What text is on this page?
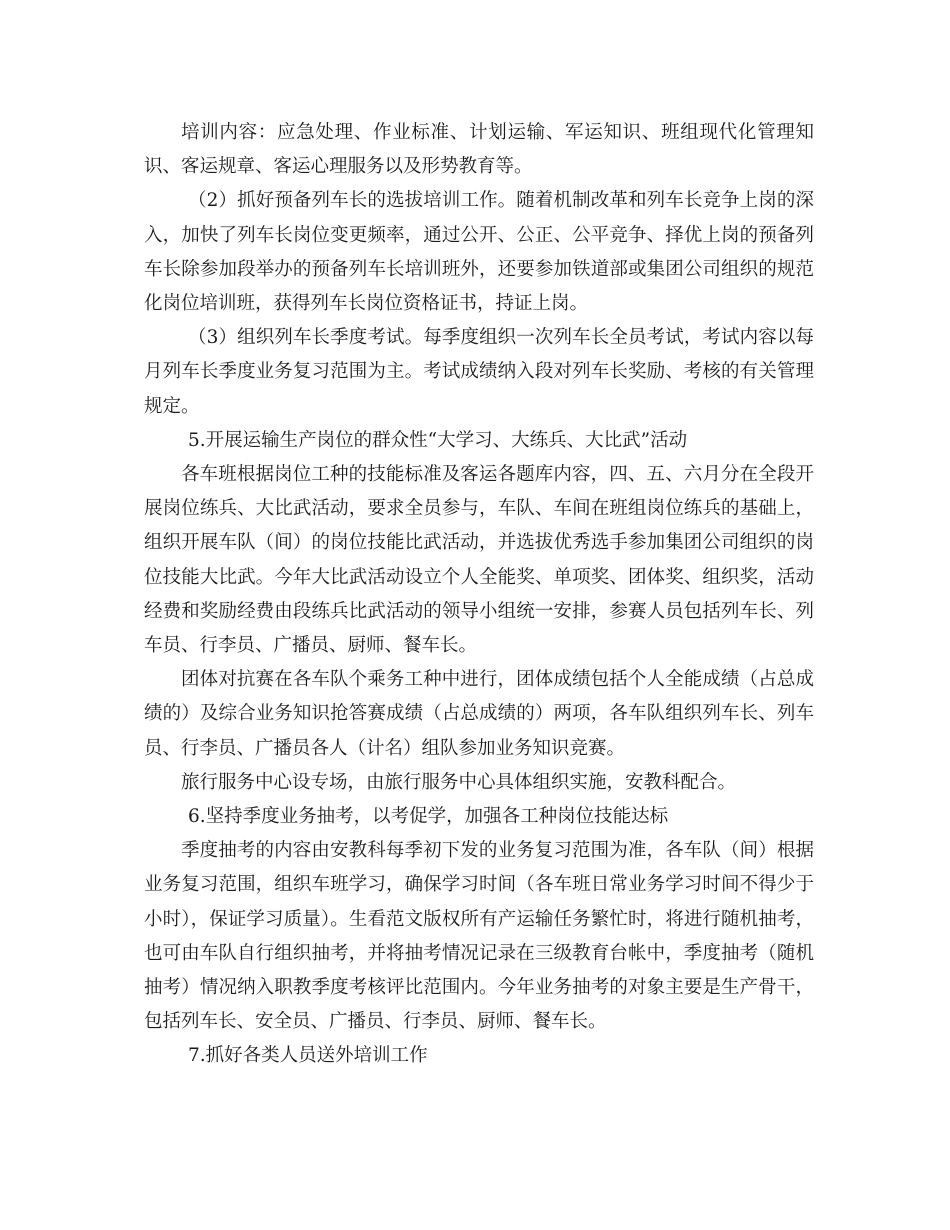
培训内容：应急处理、作业标准、计划运输、军运知识、班组现代化管理知识、客运规章、客运心理服务以及形势教育等。

（2）抓好预备列车长的选拔培训工作。随着机制改革和列车长竞争上岗的深入，加快了列车长岗位变更频率，通过公开、公正、公平竞争、择优上岗的预备列车长除参加段举办的预备列车长培训班外，还要参加铁道部或集团公司组织的规范化岗位培训班，获得列车长岗位资格证书，持证上岗。

（3）组织列车长季度考试。每季度组织一次列车长全员考试，考试内容以每月列车长季度业务复习范围为主。考试成绩纳入段对列车长奖励、考核的有关管理规定。

5.开展运输生产岗位的群众性“大学习、大练兵、大比武”活动

各车班根据岗位工种的技能标准及客运各题库内容，四、五、六月分在全段开展岗位练兵、大比武活动，要求全员参与，车队、车间在班组岗位练兵的基础上，组织开展车队（间）的岗位技能比武活动，并选拔优秀选手参加集团公司组织的岗位技能大比武。今年大比武活动设立个人全能奖、单项奖、团体奖、组织奖，活动经费和奖励经费由段练兵比武活动的领导小组统一安排，参赛人员包括列车长、列车员、行李员、广播员、厨师、餐车长。

团体对抗赛在各车队个乘务工种中进行，团体成绩包括个人全能成绩（占总成绩的）及综合业务知识抢答赛成绩（占总成绩的）两项，各车队组织列车长、列车员、行李员、广播员各人（计名）组队参加业务知识竞赛。

旅行服务中心设专场，由旅行服务中心具体组织实施，安教科配合。

6.坚持季度业务抽考，以考促学，加强各工种岗位技能达标

季度抽考的内容由安教科每季初下发的业务复习范围为准，各车队（间）根据业务复习范围，组织车班学习，确保学习时间（各车班日常业务学习时间不得少于小时），保证学习质量）。生看范文版权所有产运输任务繁忙时，将进行随机抽考，也可由车队自行组织抽考，并将抽考情况记录在三级教育台帐中，季度抽考（随机抽考）情况纳入职教季度考核评比范围内。今年业务抽考的对象主要是生产骨干，包括列车长、安全员、广播员、行李员、厨师、餐车长。

7.抓好各类人员送外培训工作
